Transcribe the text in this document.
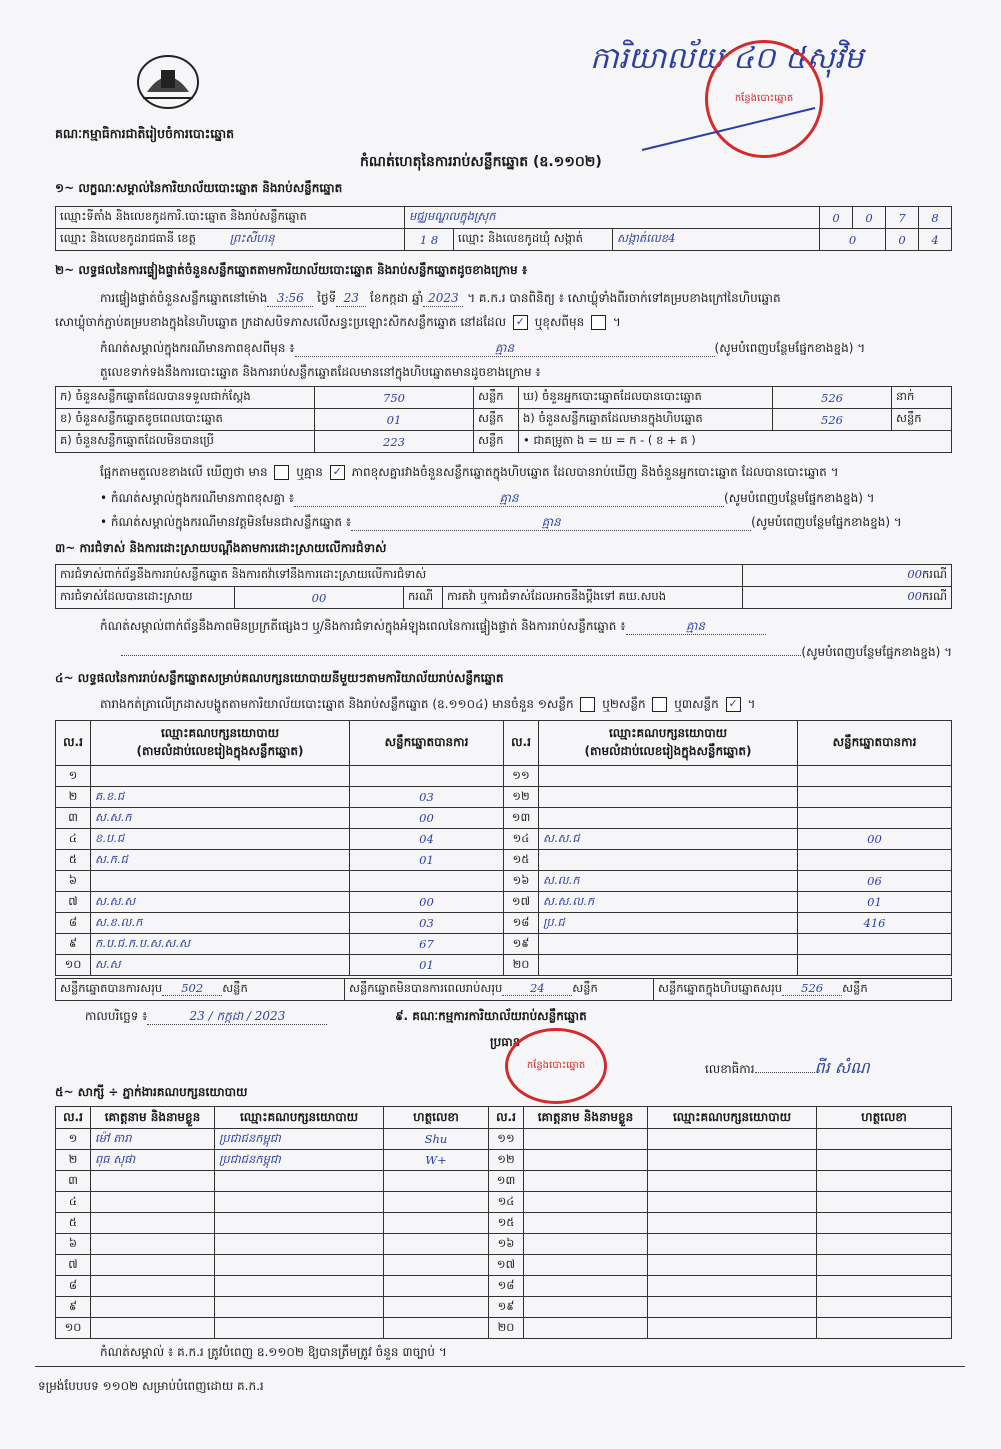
គណៈកម្មាធិការជាតិរៀបចំការបោះឆ្នោត
កំណត់ហេតុនៃការរាប់សន្លឹកឆ្នោត (ឧ.១១០២)
ការិយាល័យ ៤០ ៥សុវិម
កន្លែងបោះឆ្នោត
១~ លក្ខណៈសម្គាល់នៃការិយាល័យបោះឆ្នោត និងរាប់សន្លឹកឆ្នោត
ឈ្មោះទីតាំង និងលេខកូដការិ.បោះឆ្នោត និងរាប់សន្លឹកឆ្នោត	មជ្ឈមណ្ឌលក្នុងស្រុក			0	0	7	8
ឈ្មោះ និងលេខកូដរាជធានី ខេត្ត ព្រះសីហនុ	1 8	ឈ្មោះ និងលេខកូដឃុំ សង្កាត់	សង្កាត់លេខ4	0		0	4
២~ លទ្ធផលនៃការផ្ទៀងផ្ទាត់ចំនួនសន្លឹកឆ្នោតតាមការិយាល័យបោះឆ្នោត និងរាប់សន្លឹកឆ្នោតដូចខាងក្រោម ៖
ការផ្ទៀងផ្ទាត់ចំនួនសន្លឹកឆ្នោតនៅម៉ោង 3:56 ថ្ងៃទី 23 ខែកក្កដា ឆ្នាំ 2023 ។ គ.ក.រ បានពិនិត្យ ៖ សោឃ្លុំទាំងពីរចាក់ទៅគម្របខាងក្រៅនៃហិបឆ្នោត
សោឃ្លុំចាក់ភ្ជាប់គម្របខាងក្នុងនៃហិបឆ្នោត ក្រដាសបិទភាសលើសន្ធះប្រឡោះសិកសន្លឹកឆ្នោត នៅដដែល ✓ ឬខុសពីមុន ។
កំណត់សម្គាល់ក្នុងករណីមានភាពខុសពីមុន ៖	គ្មាន	(សូមបំពេញបន្ថែមផ្នែកខាងខ្នង) ។
តួលេខទាក់ទងនឹងការបោះឆ្នោត និងការរាប់សន្លឹកឆ្នោតដែលមាននៅក្នុងហិបឆ្នោតមានដូចខាងក្រោម ៖
ក) ចំនួនសន្លឹកឆ្នោតដែលបានទទួលជាក់ស្តែង	750	សន្លឹក	ឃ) ចំនួនអ្នកបោះឆ្នោតដែលបានបោះឆ្នោត	526	នាក់
ខ) ចំនួនសន្លឹកឆ្នោតខូចពេលបោះឆ្នោត	01	សន្លឹក	ង) ចំនួនសន្លឹកឆ្នោតដែលមានក្នុងហិបឆ្នោត	526	សន្លឹក
គ) ចំនួនសន្លឹកឆ្នោតដែលមិនបានប្រើ	223	សន្លឹក	• ជាគម្រូតា ង = ឃ = ក - ( ខ + គ )		
ផ្អែកតាមតួលេខខាងលើ ឃើញថា មាន ឬគ្មាន ✓ ភាពខុសគ្នារវាងចំនួនសន្លឹកឆ្នោតក្នុងហិបឆ្នោត ដែលបានរាប់ឃើញ និងចំនួនអ្នកបោះឆ្នោត ដែលបានបោះឆ្នោត ។
• កំណត់សម្គាល់ក្នុងករណីមានភាពខុសគ្នា ៖	គ្មាន	(សូមបំពេញបន្ថែមផ្នែកខាងខ្នង) ។
• កំណត់សម្គាល់ក្នុងករណីមានវត្តមិនមែនជាសន្លឹកឆ្នោត ៖	គ្មាន	(សូមបំពេញបន្ថែមផ្នែកខាងខ្នង) ។
៣~ ការជំទាស់ និងការដោះស្រាយបណ្ដឹងតាមការដោះស្រាយលើការជំទាស់
ការជំទាស់ពាក់ព័ន្ធនឹងការរាប់សន្លឹកឆ្នោត និងការតវ៉ាទៅនឹងការដោះស្រាយលើការជំទាស់				00ករណី
ការជំទាស់ដែលបានដោះស្រាយ	00	ករណី	ការតវ៉ា ឬការជំទាស់ដែលអាចនឹងប្ដឹងទៅ គឃ.សបង	00ករណី
កំណត់សម្គាល់ពាក់ព័ន្ធនឹងភាពមិនប្រក្រតីផ្សេងៗ ឬ/និងការជំទាស់ក្នុងអំឡុងពេលនៃការផ្ទៀងផ្ទាត់ និងការរាប់សន្លឹកឆ្នោត ៖	គ្មាន
(សូមបំពេញបន្ថែមផ្នែកខាងខ្នង) ។
៤~ លទ្ធផលនៃការរាប់សន្លឹកឆ្នោតសម្រាប់គណបក្សនយោបាយនីមួយៗតាមការិយាល័យរាប់សន្លឹកឆ្នោត
តារាងកត់ត្រាលើក្រដាសបង្ហូតតាមការិយាល័យបោះឆ្នោត និងរាប់សន្លឹកឆ្នោត (ឧ.១១០៤) មានចំនួន ១សន្លឹក ឬ២សន្លឹក ឬ៣សន្លឹក ✓ ។
ល.រ	ឈ្មោះគណបក្សនយោបាយ
(តាមលំដាប់លេខរៀងក្នុងសន្លឹកឆ្នោត)	សន្លឹកឆ្នោតបានការ	ល.រ	ឈ្មោះគណបក្សនយោបាយ
(តាមលំដាប់លេខរៀងក្នុងសន្លឹកឆ្នោត)	សន្លឹកឆ្នោតបានការ
១			១១		
២	គ.ខ.ជ	03	១២		
៣	ស.ស.ក	00	១៣		
៤	ខ.ប.ជ	04	១៤	ស.ស.ជ	00
៥	ស.ក.ជ	01	១៥		
៦			១៦	ស.ល.ក	06
៧	ស.ស.ស	00	១៧	ស.ស.ល.ក	01
៨	ស.ខ.ល.ក	03	១៨	ប្រ.ជ	416
៩	ក.ប.ជ.ក.ប.ស.ស.ស	67	១៩		
១០	ស.ស	01	២០		
សន្លឹកឆ្នោតបានការសរុប 502 សន្លឹក	សន្លឹកឆ្នោតមិនបានការពេលរាប់សរុប 24 សន្លឹក	សន្លឹកឆ្នោតក្នុងហិបឆ្នោតសរុប 526 សន្លឹក
កាលបរិច្ឆេទ ៖	23 / កក្កដា / 2023	៩. គណៈកម្មការការិយាល័យរាប់សន្លឹកឆ្នោត
ប្រធាន
កន្លែងបោះឆ្នោត	លេខាធិការ	ពីរ សំណ
៥~ សាក្សី ÷ ភ្នាក់ងារគណបក្សនយោបាយ
ល.រ	គោត្តនាម និងនាមខ្លួន	ឈ្មោះគណបក្សនយោបាយ	ហត្ថលេខា	ល.រ	គោត្តនាម និងនាមខ្លួន	ឈ្មោះគណបក្សនយោបាយ	ហត្ថលេខា
១	ម៉ៅ តារា	ប្រជាជនកម្ពុជា	Shu	១១			
២	ពុធ សុផា	ប្រជាជនកម្ពុជា	W+	១២			
៣				១៣			
៤				១៤			
៥				១៥			
៦				១៦			
៧				១៧			
៨				១៨			
៩				១៩			
១០				២០			
កំណត់សម្គាល់ ៖ គ.ក.រ ត្រូវបំពេញ ឧ.១១០២ ឱ្យបានត្រឹមត្រូវ ចំនួន ៣ច្បាប់ ។
ទម្រង់បែបបទ ១១០២ សម្រាប់បំពេញដោយ គ.ក.រ
